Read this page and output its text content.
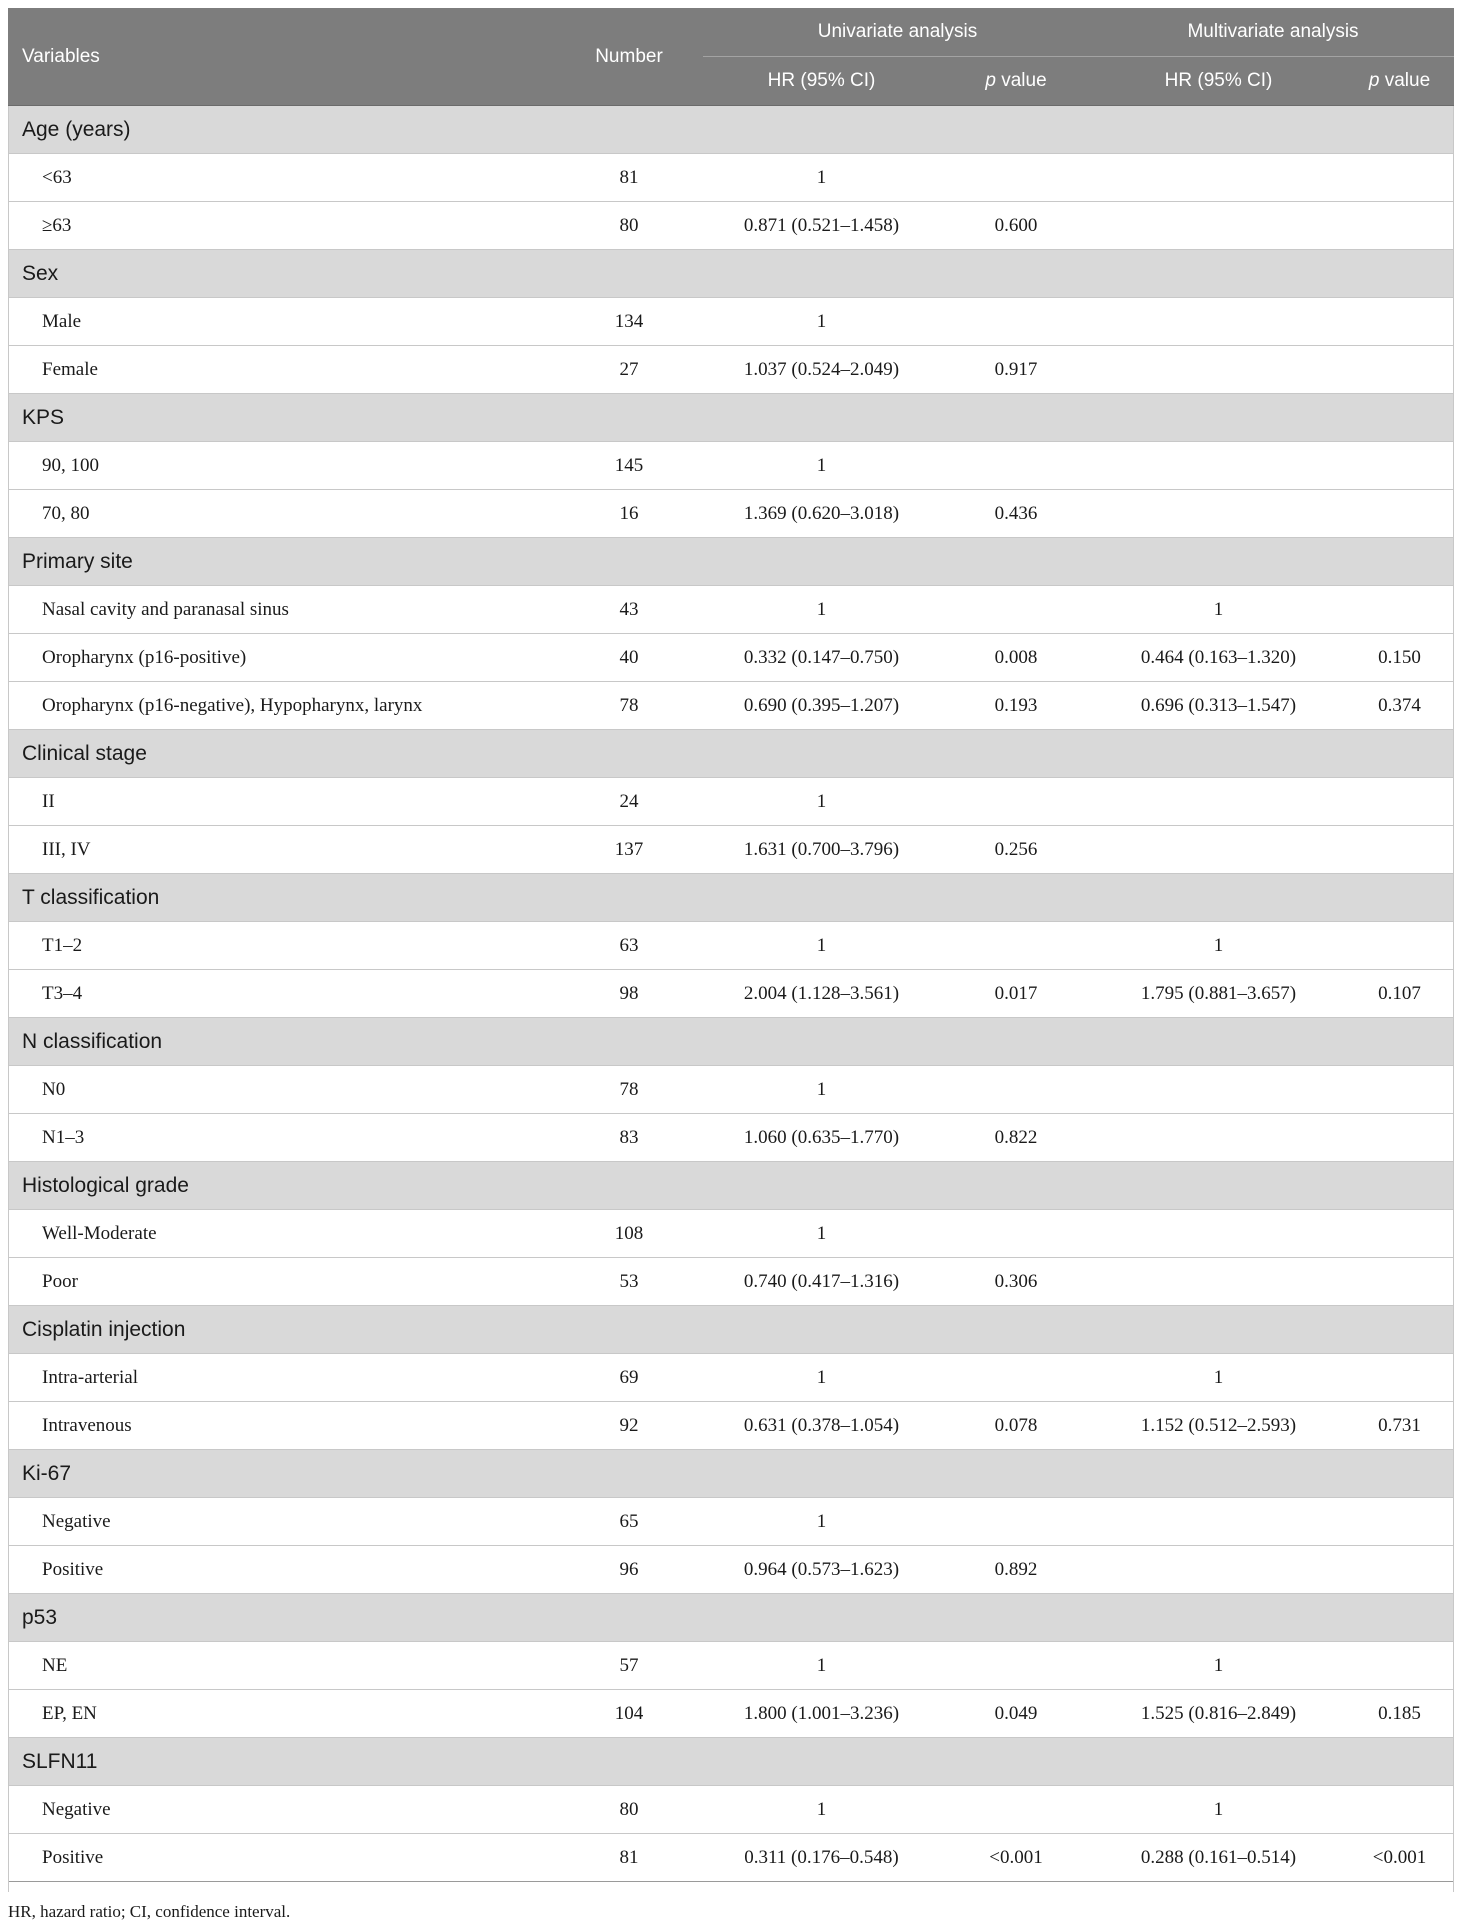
Variables	Number	Univariate analysis		Multivariate analysis	
		HR (95% CI)	p value	HR (95% CI)	p value
Age (years)					
<63	81	1			
≥63	80	0.871 (0.521–1.458)	0.600		
Sex					
Male	134	1			
Female	27	1.037 (0.524–2.049)	0.917		
KPS					
90, 100	145	1			
70, 80	16	1.369 (0.620–3.018)	0.436		
Primary site					
Nasal cavity and paranasal sinus	43	1		1	
Oropharynx (p16-positive)	40	0.332 (0.147–0.750)	0.008	0.464 (0.163–1.320)	0.150
Oropharynx (p16-negative), Hypopharynx, larynx	78	0.690 (0.395–1.207)	0.193	0.696 (0.313–1.547)	0.374
Clinical stage					
II	24	1			
III, IV	137	1.631 (0.700–3.796)	0.256		
T classification					
T1–2	63	1		1	
T3–4	98	2.004 (1.128–3.561)	0.017	1.795 (0.881–3.657)	0.107
N classification					
N0	78	1			
N1–3	83	1.060 (0.635–1.770)	0.822		
Histological grade					
Well-Moderate	108	1			
Poor	53	0.740 (0.417–1.316)	0.306		
Cisplatin injection					
Intra-arterial	69	1		1	
Intravenous	92	0.631 (0.378–1.054)	0.078	1.152 (0.512–2.593)	0.731
Ki-67					
Negative	65	1			
Positive	96	0.964 (0.573–1.623)	0.892		
p53					
NE	57	1		1	
EP, EN	104	1.800 (1.001–3.236)	0.049	1.525 (0.816–2.849)	0.185
SLFN11					
Negative	80	1		1	
Positive	81	0.311 (0.176–0.548)	<0.001	0.288 (0.161–0.514)	<0.001
HR, hazard ratio; CI, confidence interval.
